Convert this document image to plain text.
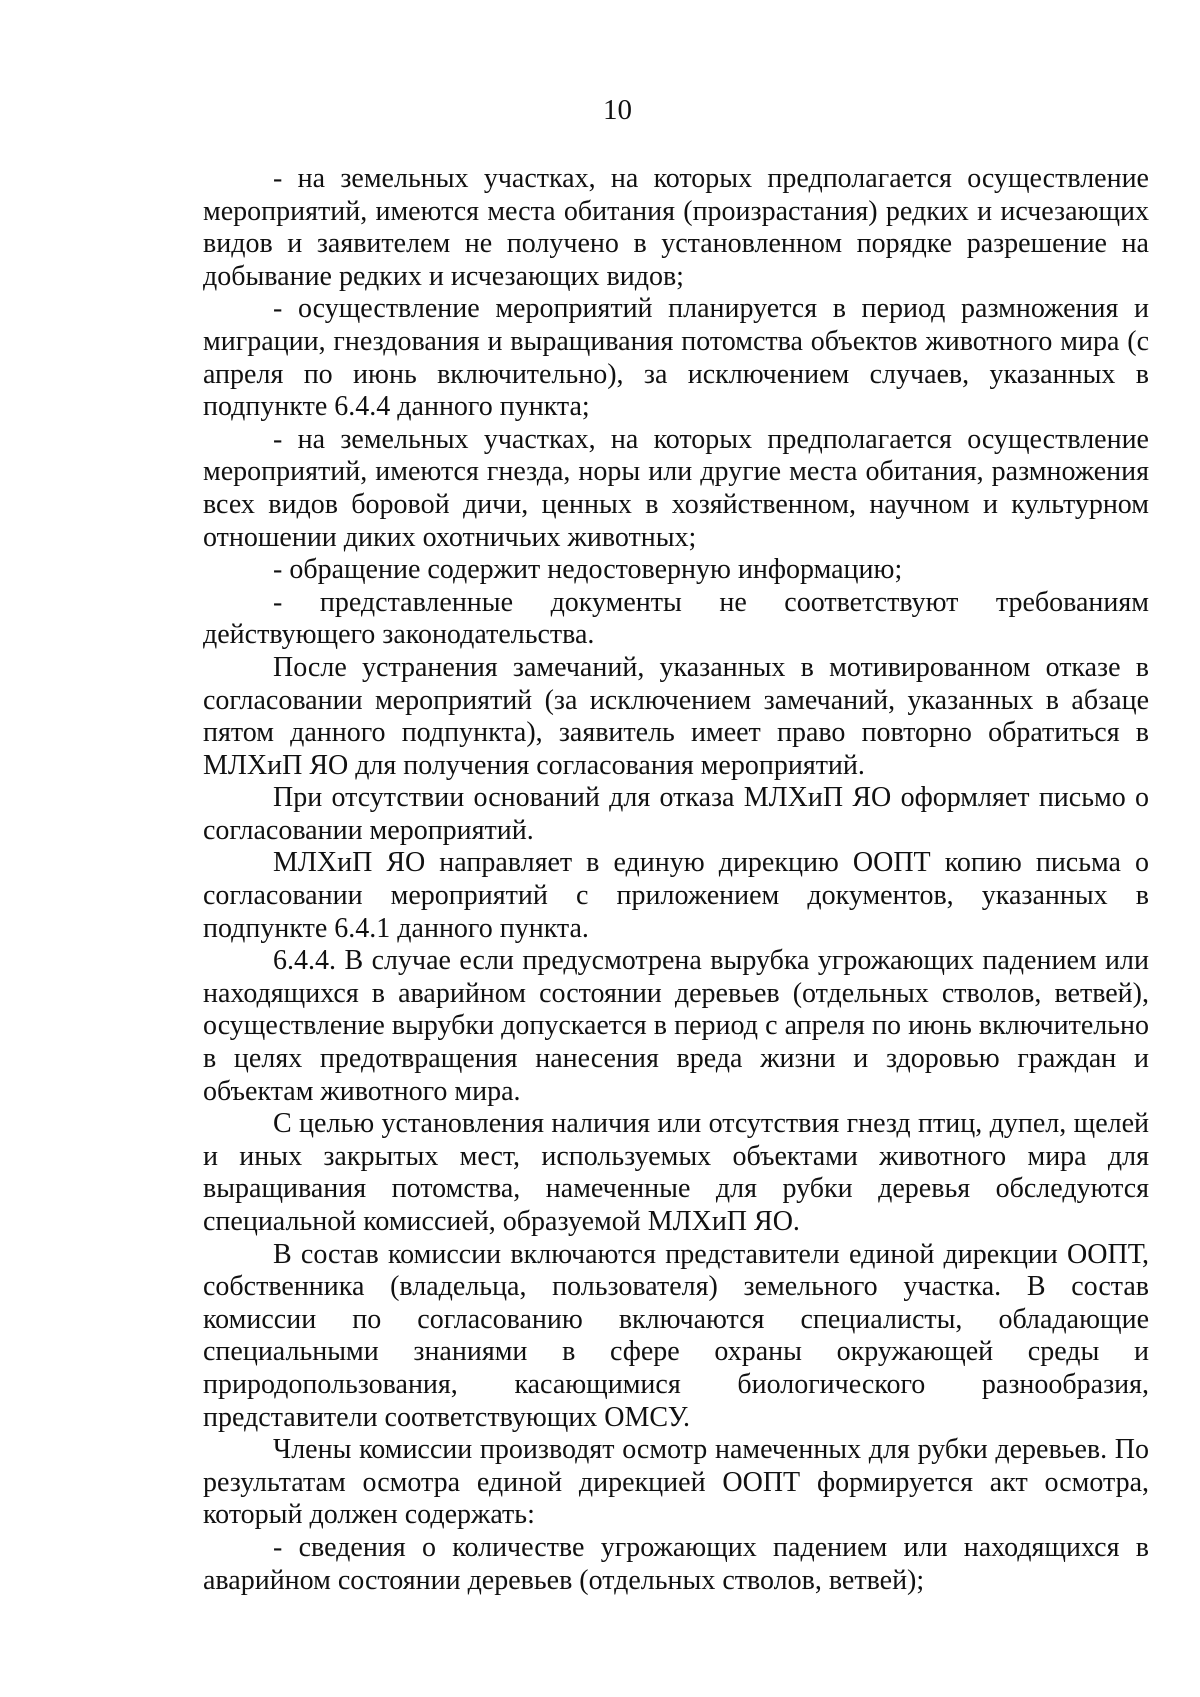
10

- на земельных участках, на которых предполагается осуществление мероприятий, имеются места обитания (произрастания) редких и исчезающих видов и заявителем не получено в установленном порядке разрешение на добывание редких и исчезающих видов;

- осуществление мероприятий планируется в период размножения и миграции, гнездования и выращивания потомства объектов животного мира (с апреля по июнь включительно), за исключением случаев, указанных в подпункте 6.4.4 данного пункта;

- на земельных участках, на которых предполагается осуществление мероприятий, имеются гнезда, норы или другие места обитания, размножения всех видов боровой дичи, ценных в хозяйственном, научном и культурном отношении диких охотничьих животных;

- обращение содержит недостоверную информацию;

- представленные документы не соответствуют требованиям действующего законодательства.

После устранения замечаний, указанных в мотивированном отказе в согласовании мероприятий (за исключением замечаний, указанных в абзаце пятом данного подпункта), заявитель имеет право повторно обратиться в МЛХиП ЯО для получения согласования мероприятий.

При отсутствии оснований для отказа МЛХиП ЯО оформляет письмо о согласовании мероприятий.

МЛХиП ЯО направляет в единую дирекцию ООПТ копию письма о согласовании мероприятий с приложением документов, указанных в подпункте 6.4.1 данного пункта.

6.4.4. В случае если предусмотрена вырубка угрожающих падением или находящихся в аварийном состоянии деревьев (отдельных стволов, ветвей), осуществление вырубки допускается в период с апреля по июнь включительно в целях предотвращения нанесения вреда жизни и здоровью граждан и объектам животного мира.

С целью установления наличия или отсутствия гнезд птиц, дупел, щелей и иных закрытых мест, используемых объектами животного мира для выращивания потомства, намеченные для рубки деревья обследуются специальной комиссией, образуемой МЛХиП ЯО.

В состав комиссии включаются представители единой дирекции ООПТ, собственника (владельца, пользователя) земельного участка. В состав комиссии по согласованию включаются специалисты, обладающие специальными знаниями в сфере охраны окружающей среды и природопользования, касающимися биологического разнообразия, представители соответствующих ОМСУ.

Члены комиссии производят осмотр намеченных для рубки деревьев. По результатам осмотра единой дирекцией ООПТ формируется акт осмотра, который должен содержать:

- сведения о количестве угрожающих падением или находящихся в аварийном состоянии деревьев (отдельных стволов, ветвей);
